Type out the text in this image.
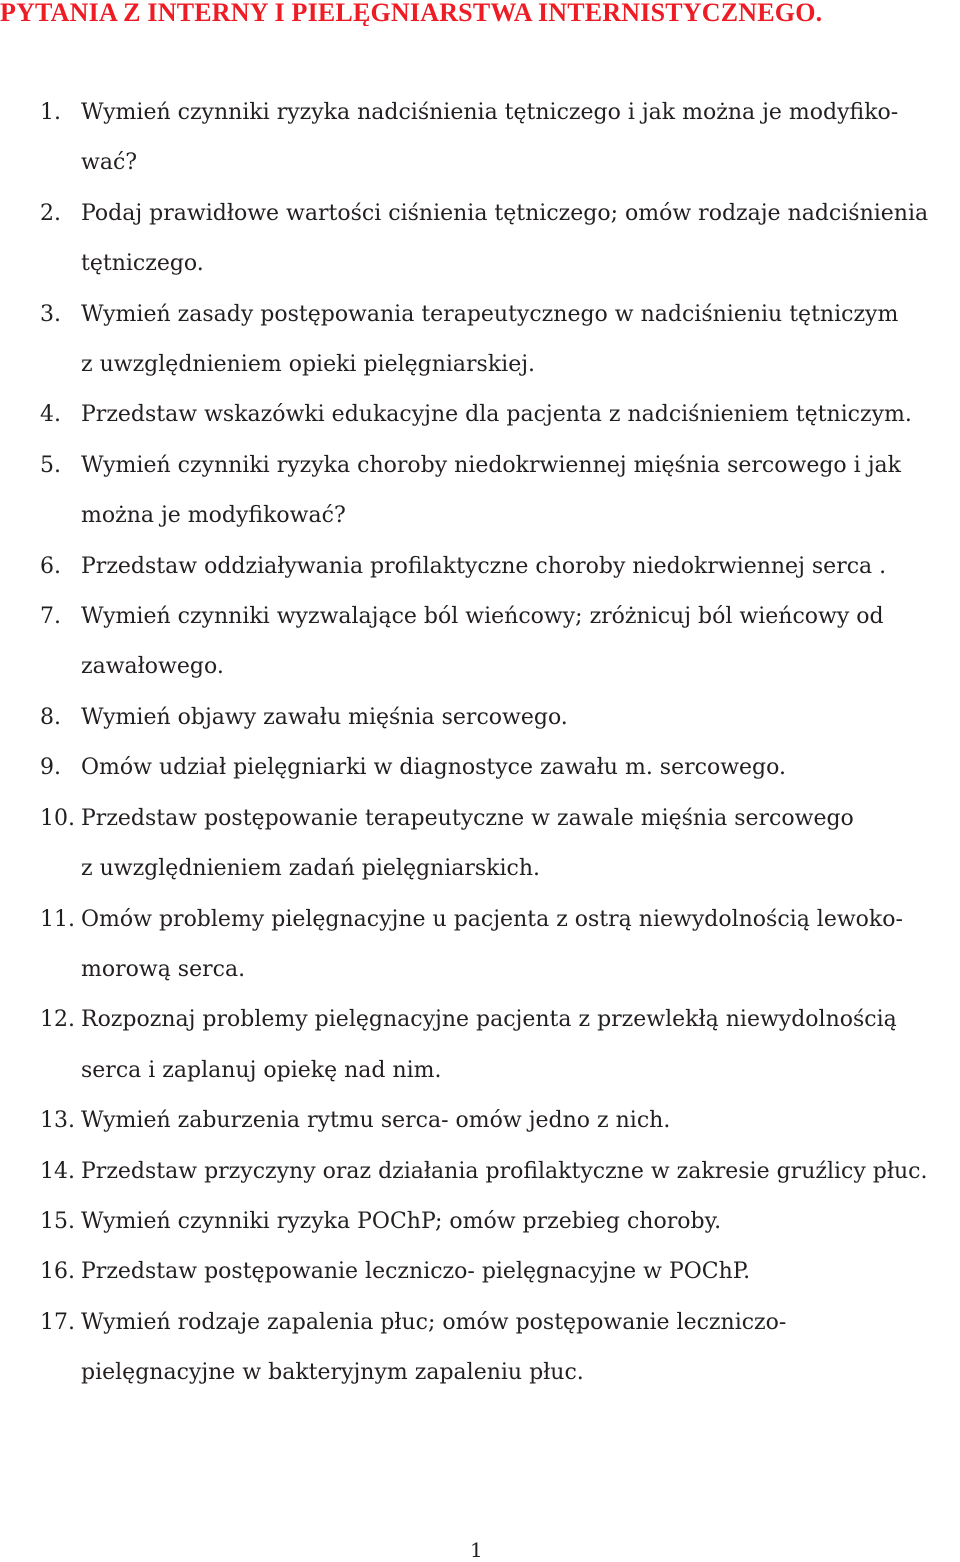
PYTANIA Z INTERNY I PIELĘGNIARSTWA INTERNISTYCZNEGO.
1. Wymień czynniki ryzyka nadciśnienia tętniczego i jak można je modyfiko-
wać?
2. Podaj prawidłowe wartości ciśnienia tętniczego; omów rodzaje nadciśnienia
tętniczego.
3. Wymień zasady postępowania terapeutycznego w nadciśnieniu tętniczym
z uwzględnieniem opieki pielęgniarskiej.
4. Przedstaw wskazówki edukacyjne dla pacjenta z nadciśnieniem tętniczym.
5. Wymień czynniki ryzyka choroby niedokrwiennej mięśnia sercowego i jak
można je modyfikować?
6. Przedstaw oddziaływania profilaktyczne choroby niedokrwiennej serca .
7. Wymień czynniki wyzwalające ból wieńcowy; zróżnicuj ból wieńcowy od
zawałowego.
8. Wymień objawy zawału mięśnia sercowego.
9. Omów udział pielęgniarki w diagnostyce zawału m. sercowego.
10. Przedstaw postępowanie terapeutyczne w zawale mięśnia sercowego
z uwzględnieniem zadań pielęgniarskich.
11. Omów problemy pielęgnacyjne u pacjenta z ostrą niewydolnością lewoko-
morową serca.
12. Rozpoznaj problemy pielęgnacyjne pacjenta z przewlekłą niewydolnością
serca i zaplanuj opiekę nad nim.
13. Wymień zaburzenia rytmu serca- omów jedno z nich.
14. Przedstaw przyczyny oraz działania profilaktyczne w zakresie gruźlicy płuc.
15. Wymień czynniki ryzyka POChP; omów przebieg choroby.
16. Przedstaw postępowanie leczniczo- pielęgnacyjne w POChP.
17. Wymień rodzaje zapalenia płuc; omów postępowanie leczniczo-
pielęgnacyjne w bakteryjnym zapaleniu płuc.
1
